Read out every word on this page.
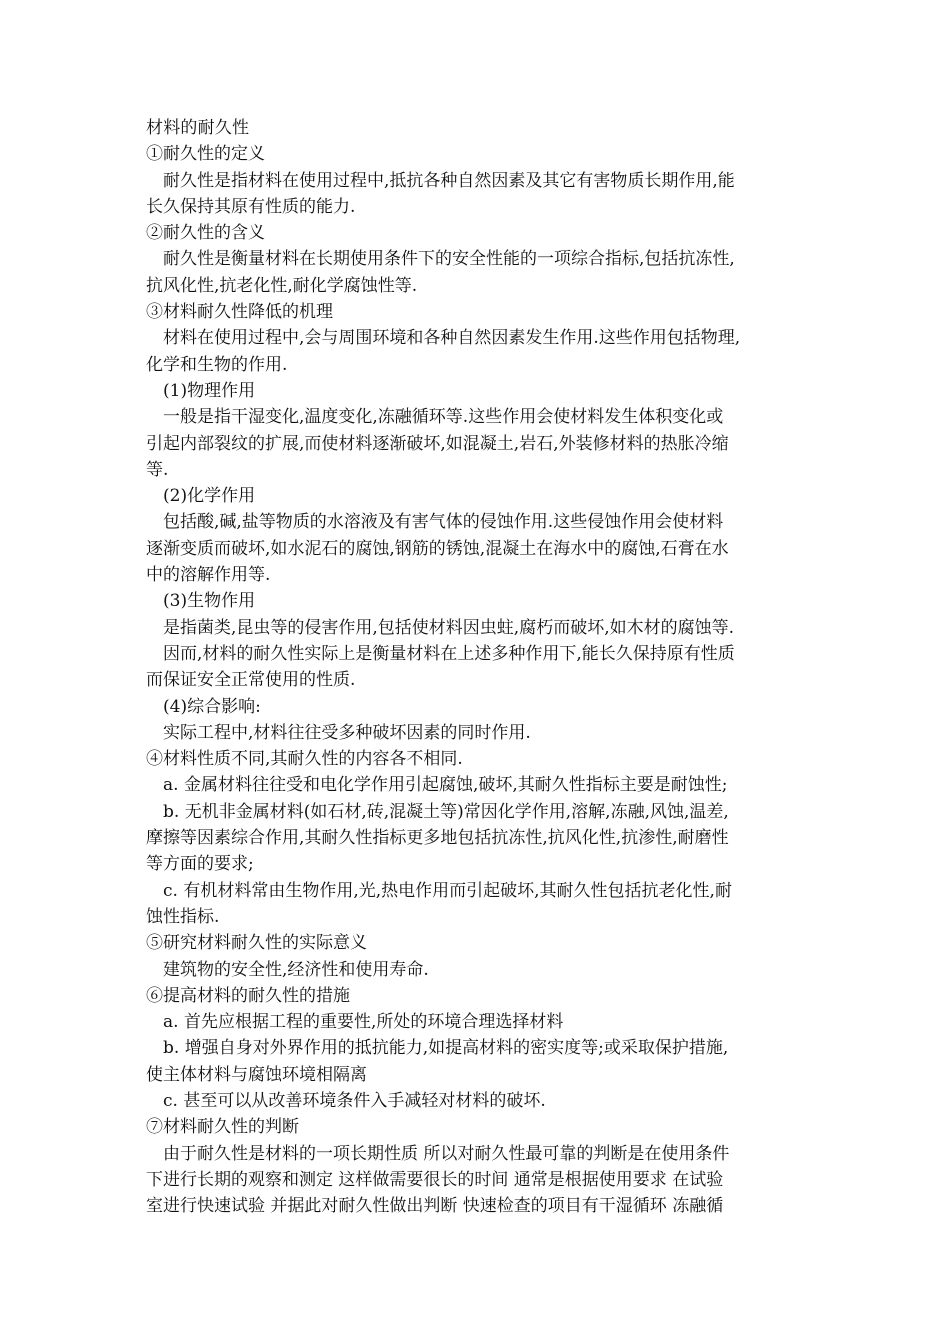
材料的耐久性
①耐久性的定义
耐久性是指材料在使用过程中,抵抗各种自然因素及其它有害物质长期作用,能
长久保持其原有性质的能力.
②耐久性的含义
耐久性是衡量材料在长期使用条件下的安全性能的一项综合指标,包括抗冻性,
抗风化性,抗老化性,耐化学腐蚀性等.
③材料耐久性降低的机理
材料在使用过程中,会与周围环境和各种自然因素发生作用.这些作用包括物理,
化学和生物的作用.
(1)物理作用
一般是指干湿变化,温度变化,冻融循环等.这些作用会使材料发生体积变化或
引起内部裂纹的扩展,而使材料逐渐破坏,如混凝土,岩石,外装修材料的热胀冷缩
等.
(2)化学作用
包括酸,碱,盐等物质的水溶液及有害气体的侵蚀作用.这些侵蚀作用会使材料
逐渐变质而破坏,如水泥石的腐蚀,钢筋的锈蚀,混凝土在海水中的腐蚀,石膏在水
中的溶解作用等.
(3)生物作用
是指菌类,昆虫等的侵害作用,包括使材料因虫蛀,腐朽而破坏,如木材的腐蚀等.
因而,材料的耐久性实际上是衡量材料在上述多种作用下,能长久保持原有性质
而保证安全正常使用的性质.
(4)综合影响:
实际工程中,材料往往受多种破坏因素的同时作用.
④材料性质不同,其耐久性的内容各不相同.
a. 金属材料往往受和电化学作用引起腐蚀,破坏,其耐久性指标主要是耐蚀性;
b. 无机非金属材料(如石材,砖,混凝土等)常因化学作用,溶解,冻融,风蚀,温差,
摩擦等因素综合作用,其耐久性指标更多地包括抗冻性,抗风化性,抗渗性,耐磨性
等方面的要求;
c. 有机材料常由生物作用,光,热电作用而引起破坏,其耐久性包括抗老化性,耐
蚀性指标.
⑤研究材料耐久性的实际意义
建筑物的安全性,经济性和使用寿命.
⑥提高材料的耐久性的措施
a. 首先应根据工程的重要性,所处的环境合理选择材料
b. 增强自身对外界作用的抵抗能力,如提高材料的密实度等;或采取保护措施,
使主体材料与腐蚀环境相隔离
c. 甚至可以从改善环境条件入手减轻对材料的破坏.
⑦材料耐久性的判断
由于耐久性是材料的一项长期性质 所以对耐久性最可靠的判断是在使用条件
下进行长期的观察和测定 这样做需要很长的时间 通常是根据使用要求 在试验
室进行快速试验 并据此对耐久性做出判断 快速检查的项目有干湿循环 冻融循
